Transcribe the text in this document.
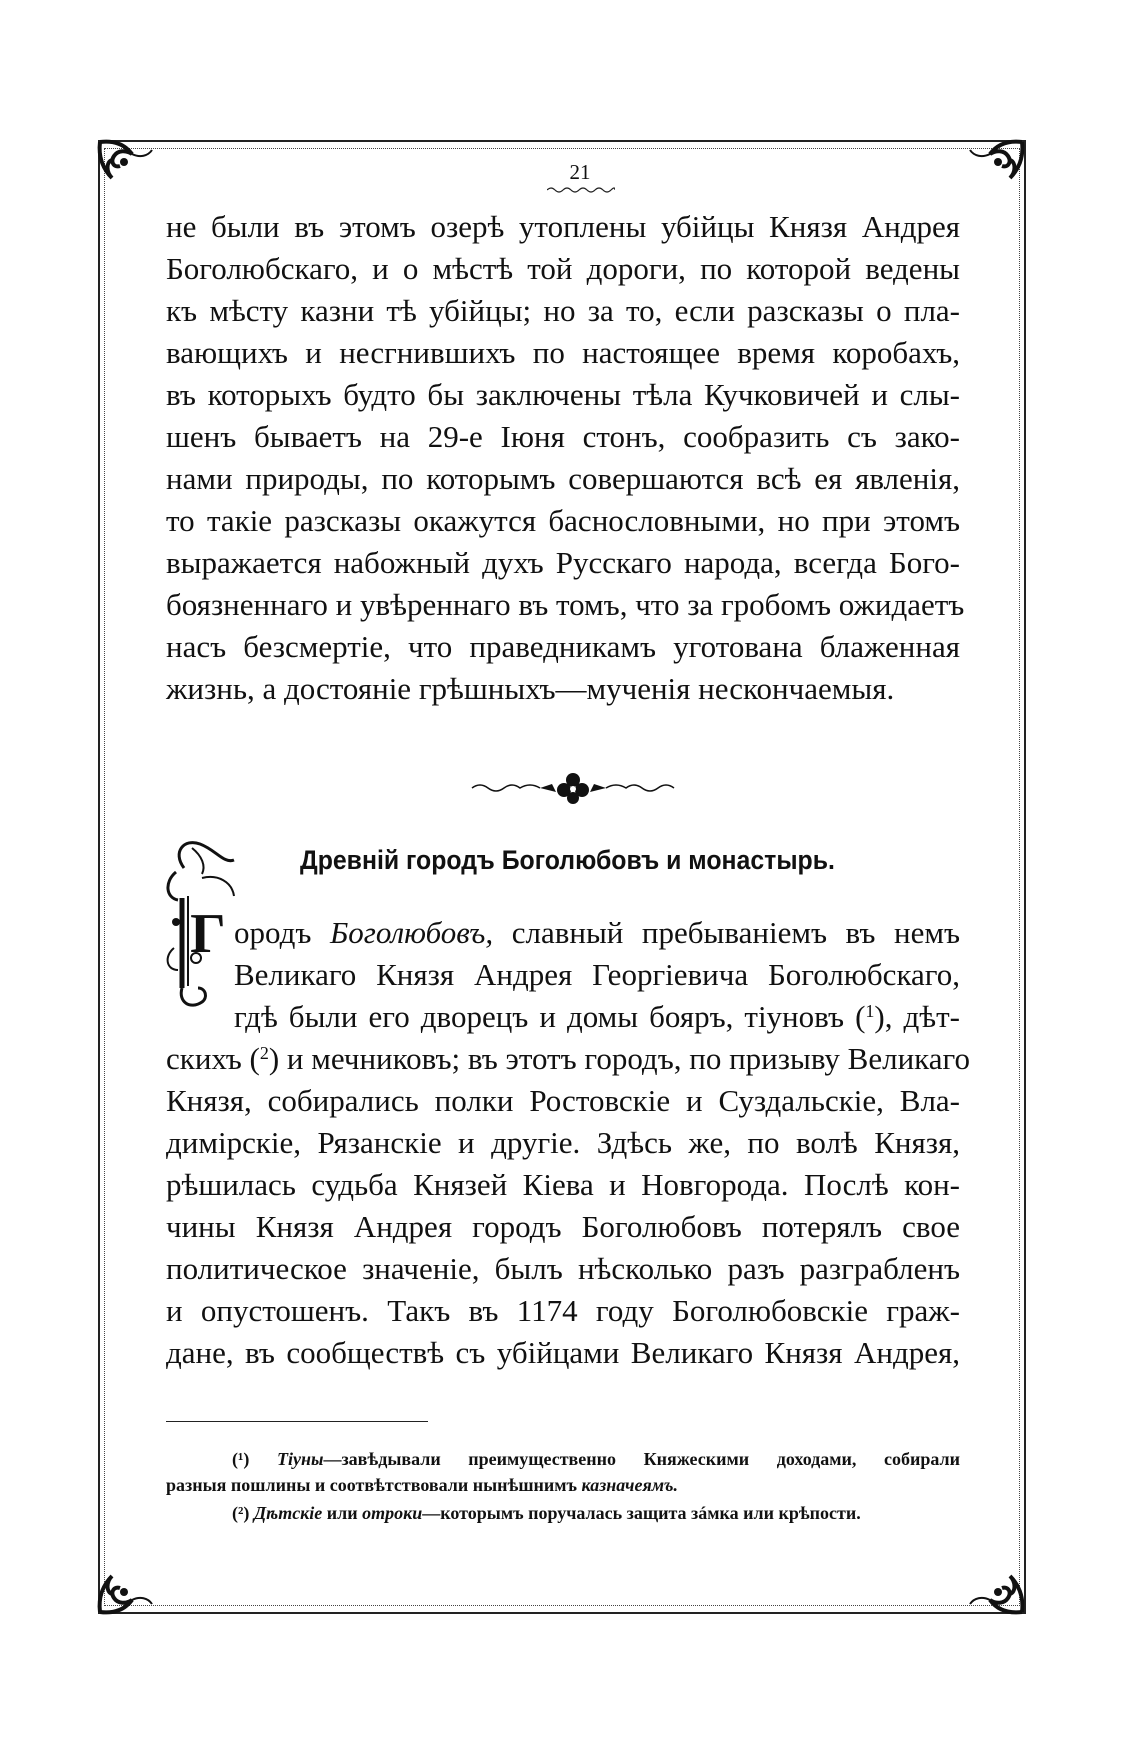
21

не были въ этомъ озерѣ утоплены убійцы Князя Андрея

Боголюбскаго, и о мѣстѣ той дороги, по которой ведены

къ мѣсту казни тѣ убійцы; но за то, если разсказы о пла-

вающихъ и несгнившихъ по настоящее время коробахъ,

въ которыхъ будто бы заключены тѣла Кучковичей и слы-

шенъ бываетъ на 29-е Іюня стонъ, сообразить съ зако-

нами природы, по которымъ совершаются всѣ ея явленія,

то такіе разсказы окажутся баснословными, но при этомъ

выражается набожный духъ Русскаго народа, всегда Бого-

боязненнаго и увѣреннаго въ томъ, что за гробомъ ожидаетъ

насъ безсмертіе, что праведникамъ уготована блаженная

жизнь, а достояніе грѣшныхъ—мученія нескончаемыя.

Древній городъ Боголюбовъ и монастырь.

Г ородъ Боголюбовъ, славный пребываніемъ въ немъ

Великаго Князя Андрея Георгіевича Боголюбскаго,

гдѣ были его дворецъ и домы бояръ, тіуновъ ($^1$), дѣт-

скихъ ($^2$) и мечниковъ; въ этотъ городъ, по призыву Великаго

Князя, собирались полки Ростовскіе и Суздальскіе, Вла-

димірскіе, Рязанскіе и другіе. Здѣсь же, по волѣ Князя,

рѣшилась судьба Князей Кіева и Новгорода. Послѣ кон-

чины Князя Андрея городъ Боголюбовъ потерялъ свое

политическое значеніе, былъ нѣсколько разъ разграбленъ

и опустошенъ. Такъ въ 1174 году Боголюбовскіе граж-

дане, въ сообществѣ съ убійцами Великаго Князя Андрея,

(¹) Тіуны—завѣдывали преимущественно Княжескими доходами, собирали

разныя пошлины и соотвѣтствовали нынѣшнимъ казначеямъ.

(²) Дѣтскіе или отроки—которымъ поручалась защита зáмка или крѣпости.
